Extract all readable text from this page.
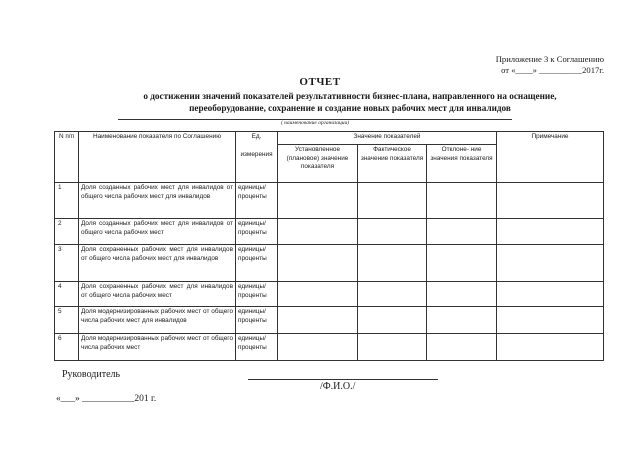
Приложение 3 к Соглашению
от «____» __________2017г.
ОТЧЕТ
о достижении значений показателей результативности бизнес-плана, направленного на оснащение,
переоборудование, сохранение и создание новых рабочих мест для инвалидов
( наименование организации)
N п/п	Наименование показателя по Соглашению	Ед.	Значение показателей			Примечание
		измерения	Установленное (плановое) значение показателя	Фактическое значение показателя	Отклоне- ние значения показателя	
1	Доля созданных рабочих мест для инвалидов от общего числа рабочих мест для инвалидов	единицы/ проценты				
2	Доля созданных рабочих мест для инвалидов от общего числа рабочих мест	единицы/ проценты				
3	Доля сохраненных рабочих мест для инвалидов от общего числа рабочих мест для инвалидов	единицы/ проценты				
4	Доля сохраненных рабочих мест для инвалидов от общего числа рабочих мест	единицы/ проценты				
5	Доля модернизированных рабочих мест от общего числа рабочих мест для инвалидов	единицы/ проценты				
6	Доля модернизированных рабочих мест от общего числа рабочих мест	единицы/ проценты				
Руководитель
/Ф.И.О./
«___» ___________201 г.
